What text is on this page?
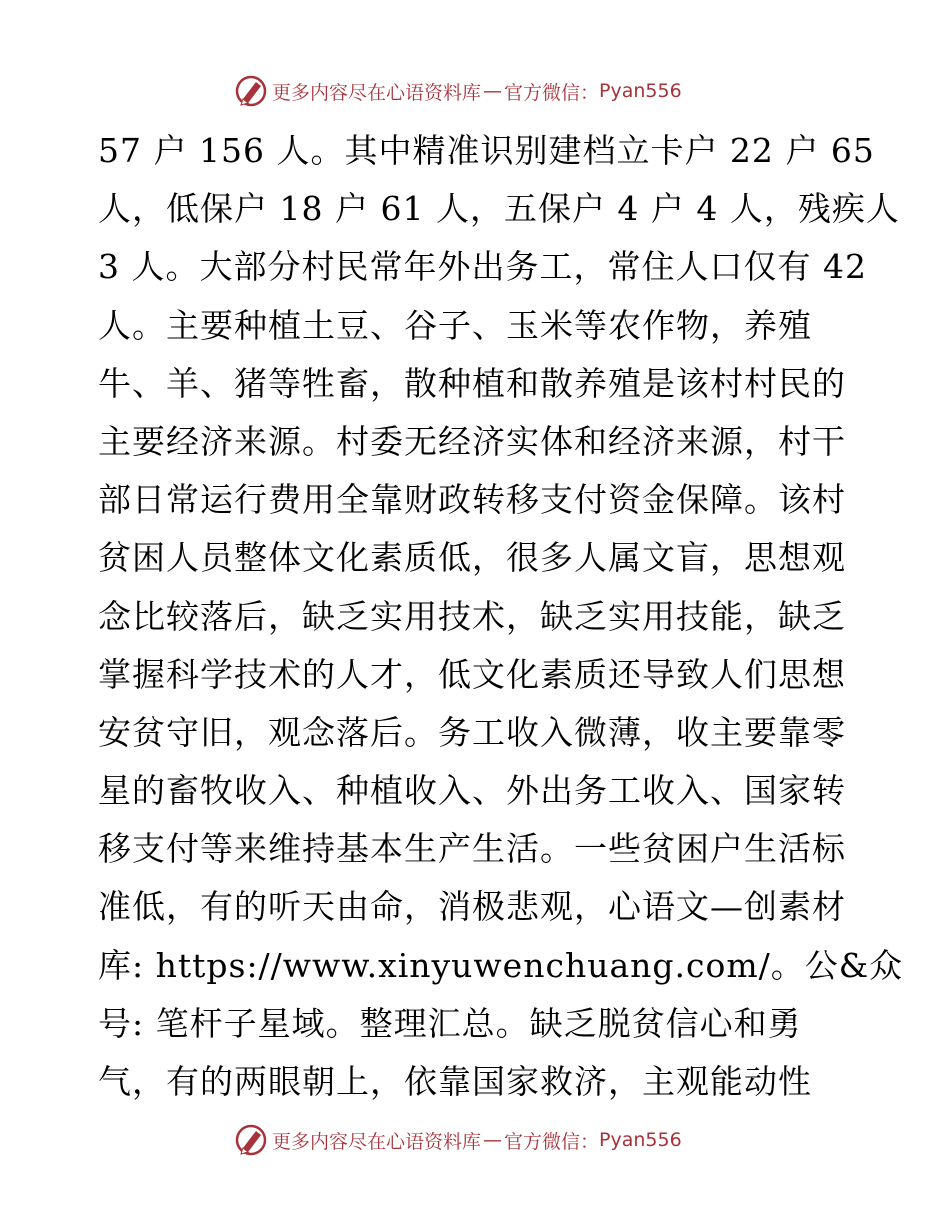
更多内容尽在心语资料库 — 官方微信： Pyan556
57 户 156 人。其中精准识别建档立卡户 22 户 65
人，低保户 18 户 61 人，五保户 4 户 4 人，残疾人
3 人。大部分村民常年外出务工，常住人口仅有 42
人。主要种植土豆、谷子、玉米等农作物，养殖
牛、羊、猪等牲畜，散种植和散养殖是该村村民的
主要经济来源。村委无经济实体和经济来源，村干
部日常运行费用全靠财政转移支付资金保障。该村
贫困人员整体文化素质低，很多人属文盲，思想观
念比较落后，缺乏实用技术，缺乏实用技能，缺乏
掌握科学技术的人才，低文化素质还导致人们思想
安贫守旧，观念落后。务工收入微薄，收主要靠零
星的畜牧收入、种植收入、外出务工收入、国家转
移支付等来维持基本生产生活。一些贫困户生活标
准低，有的听天由命，消极悲观，心语文—创素材
库: https://www.xinyuwenchuang.com/。公&众
号: 笔杆子星域。整理汇总。缺乏脱贫信心和勇
气，有的两眼朝上，依靠国家救济，主观能动性
更多内容尽在心语资料库 — 官方微信： Pyan556
